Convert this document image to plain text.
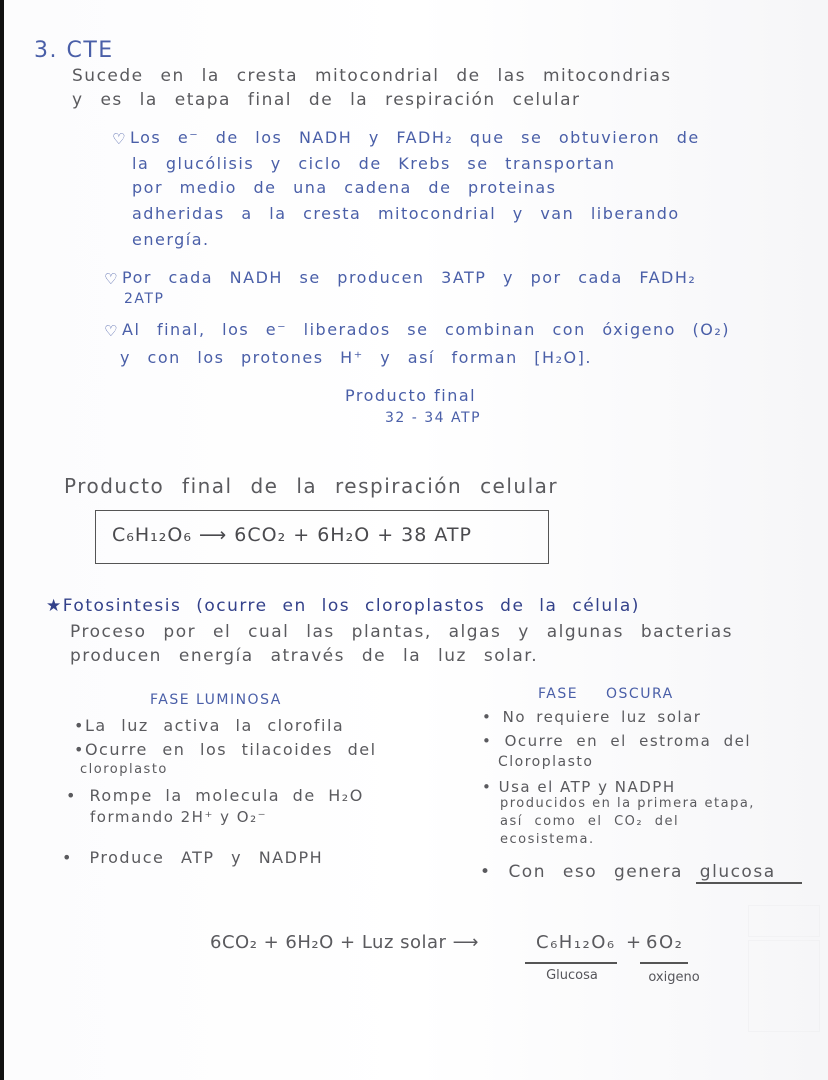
3. CTE
Sucede en la cresta mitocondrial de las mitocondrias
y es la etapa final de la respiración celular
♡ Los e⁻ de los NADH y FADH₂ que se obtuvieron de
la glucólisis y ciclo de Krebs se transportan
por medio de una cadena de proteinas
adheridas a la cresta mitocondrial y van liberando
energía.
♡ Por cada NADH se producen 3ATP y por cada FADH₂
2ATP
♡ Al final, los e⁻ liberados se combinan con óxigeno (O₂)
y con los protones H⁺ y así forman [H₂O].
Producto final
32 - 34 ATP
Producto final de la respiración celular
C₆H₁₂O₆ ⟶ 6CO₂ + 6H₂O + 38 ATP
★Fotosintesis (ocurre en los cloroplastos de la célula)
Proceso por el cual las plantas, algas y algunas bacterias
producen energía através de la luz solar.
FASE LUMINOSA
•La luz activa la clorofila
•Ocurre en los tilacoides del
cloroplasto
• Rompe la molecula de H₂O
formando 2H⁺ y O₂⁻
• Produce ATP y NADPH
FASE OSCURA
• No requiere luz solar
• Ocurre en el estroma del
Cloroplasto
• Usa el ATP y NADPH
producidos en la primera etapa,
así como el CO₂ del
ecosistema.
• Con eso genera glucosa
6CO₂ + 6H₂O + Luz solar ⟶	C₆H₁₂O₆ + 6O₂
Glucosa	oxigeno
